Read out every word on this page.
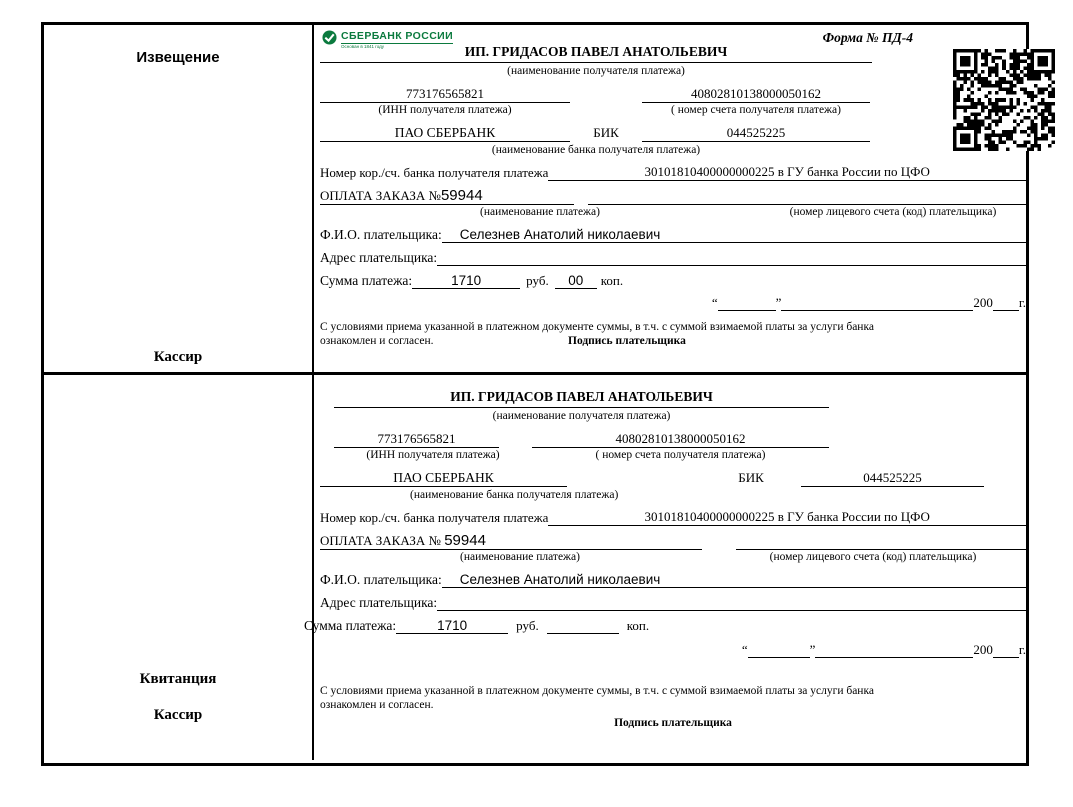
Извещение
Кассир
СБЕРБАНК РОССИИ
Основан в 1841 году
Форма № ПД-4
ИП. ГРИДАСОВ ПАВЕЛ АНАТОЛЬЕВИЧ
(наименование получателя платежа)
773176565821	40802810138000050162
(ИНН получателя платежа)	( номер счета получателя платежа)
ПАО СБЕРБАНК	БИК	044525225
(наименование банка получателя платежа)
Номер кор./сч. банка получателя платежа	30101810400000000225 в ГУ банка России по ЦФО
ОПЛАТА ЗАКАЗА №59944
(наименование платежа)	(номер лицевого счета (код) плательщика)
Ф.И.О. плательщика:	Селезнев Анатолий николаевич
Адрес плательщика:
Сумма платежа:	1710	руб.	00	коп.
“	”	200 г.
С условиями приема указанной в платежном документе суммы, в т.ч. с суммой взимаемой платы за услуги банка
ознакомлен и согласен.	Подпись плательщика
Квитанция
Кассир
ИП. ГРИДАСОВ ПАВЕЛ АНАТОЛЬЕВИЧ
(наименование получателя платежа)
773176565821	40802810138000050162
(ИНН получателя платежа)	( номер счета получателя платежа)
ПАО СБЕРБАНК	БИК	044525225
(наименование банка получателя платежа)
Номер кор./сч. банка получателя платежа	30101810400000000225 в ГУ банка России по ЦФО
ОПЛАТА ЗАКАЗА № 59944
(наименование платежа)	(номер лицевого счета (код) плательщика)
Ф.И.О. плательщика:	Селезнев Анатолий николаевич
Адрес плательщика:
Сумма платежа:	1710	руб.	коп.
“	”	200 г.
С условиями приема указанной в платежном документе суммы, в т.ч. с суммой взимаемой платы за услуги банка
ознакомлен и согласен.
Подпись плательщика
